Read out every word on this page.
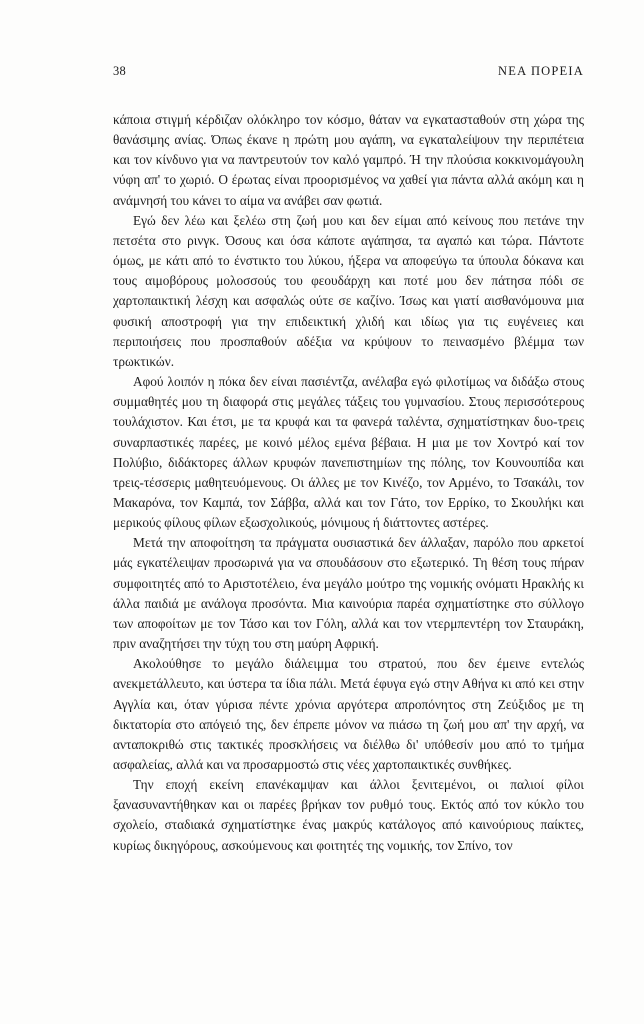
38	ΝΕΑ ΠΟΡΕΙΑ

κάποια στιγμή κέρδιζαν ολόκληρο τον κόσμο, θάταν να εγκατασταθούν στη χώρα της θανάσιμης ανίας. Όπως έκανε η πρώτη μου αγάπη, να εγκαταλείψουν την περιπέτεια και τον κίνδυνο για να παντρευτούν τον καλό γαμπρό. Ή την πλούσια κοκκινομάγουλη νύφη απ' το χωριό. Ο έρωτας είναι προορισμένος να χαθεί για πάντα αλλά ακόμη και η ανάμνησή του κάνει το αίμα να ανάβει σαν φωτιά.

Εγώ δεν λέω και ξελέω στη ζωή μου και δεν είμαι από κείνους που πετάνε την πετσέτα στο ρινγκ. Όσους και όσα κάποτε αγάπησα, τα αγαπώ και τώρα. Πάντοτε όμως, με κάτι από το ένστικτο του λύκου, ήξερα να αποφεύγω τα ύπουλα δόκανα και τους αιμοβόρους μολοσσούς του φεουδάρχη και ποτέ μου δεν πάτησα πόδι σε χαρτοπαικτική λέσχη και ασφαλώς ούτε σε καζίνο. Ίσως και γιατί αισθανόμουνα μια φυσική αποστροφή για την επιδεικτική χλιδή και ιδίως για τις ευγένειες και περιποιήσεις που προσπαθούν αδέξια να κρύψουν το πεινασμένο βλέμμα των τρωκτικών.

Αφού λοιπόν η πόκα δεν είναι πασιέντζα, ανέλαβα εγώ φιλοτίμως να διδάξω στους συμμαθητές μου τη διαφορά στις μεγάλες τάξεις του γυμνασίου. Στους περισσότερους τουλάχιστον. Και έτσι, με τα κρυφά και τα φανερά ταλέντα, σχηματίστηκαν δυο-τρεις συναρπαστικές παρέες, με κοινό μέλος εμένα βέβαια. Η μια με τον Χοντρό καί τον Πολύβιο, διδάκτορες άλλων κρυφών πανεπιστημίων της πόλης, τον Κουνουπίδα και τρεις-τέσσερις μαθητευόμενους. Οι άλλες με τον Κινέζο, τον Αρμένο, το Τσακάλι, τον Μακαρόνα, τον Καμπά, τον Σάββα, αλλά και τον Γάτο, τον Ερρίκο, το Σκουλήκι και μερικούς φίλους φίλων εξωσχολικούς, μόνιμους ή διάττοντες αστέρες.

Μετά την αποφοίτηση τα πράγματα ουσιαστικά δεν άλλαξαν, παρόλο που αρκετοί μάς εγκατέλειψαν προσωρινά για να σπουδάσουν στο εξωτερικό. Τη θέση τους πήραν συμφοιτητές από το Αριστοτέλειο, ένα μεγάλο μούτρο της νομικής ονόματι Ηρακλής κι άλλα παιδιά με ανάλογα προσόντα. Μια καινούρια παρέα σχηματίστηκε στο σύλλογο των αποφοίτων με τον Τάσο και τον Γόλη, αλλά και τον ντερμπεντέρη τον Σταυράκη, πριν αναζητήσει την τύχη του στη μαύρη Αφρική.

Ακολούθησε το μεγάλο διάλειμμα του στρατού, που δεν έμεινε εντελώς ανεκμετάλλευτο, και ύστερα τα ίδια πάλι. Μετά έφυγα εγώ στην Αθήνα κι από κει στην Αγγλία και, όταν γύρισα πέντε χρόνια αργότερα απροπόνητος στη Ζεύξιδος με τη δικτατορία στο απόγειό της, δεν έπρεπε μόνον να πιάσω τη ζωή μου απ' την αρχή, να ανταποκριθώ στις τακτικές προσκλήσεις να διέλθω δι' υπόθεσίν μου από το τμήμα ασφαλείας, αλλά και να προσαρμοστώ στις νέες χαρτοπαικτικές συνθήκες.

Την εποχή εκείνη επανέκαμψαν και άλλοι ξενιτεμένοι, οι παλιοί φίλοι ξανασυναντήθηκαν και οι παρέες βρήκαν τον ρυθμό τους. Εκτός από τον κύκλο του σχολείο, σταδιακά σχηματίστηκε ένας μακρύς κατάλογος από καινούριους παίκτες, κυρίως δικηγόρους, ασκούμενους και φοιτητές της νομικής, τον Σπίνο, τον
